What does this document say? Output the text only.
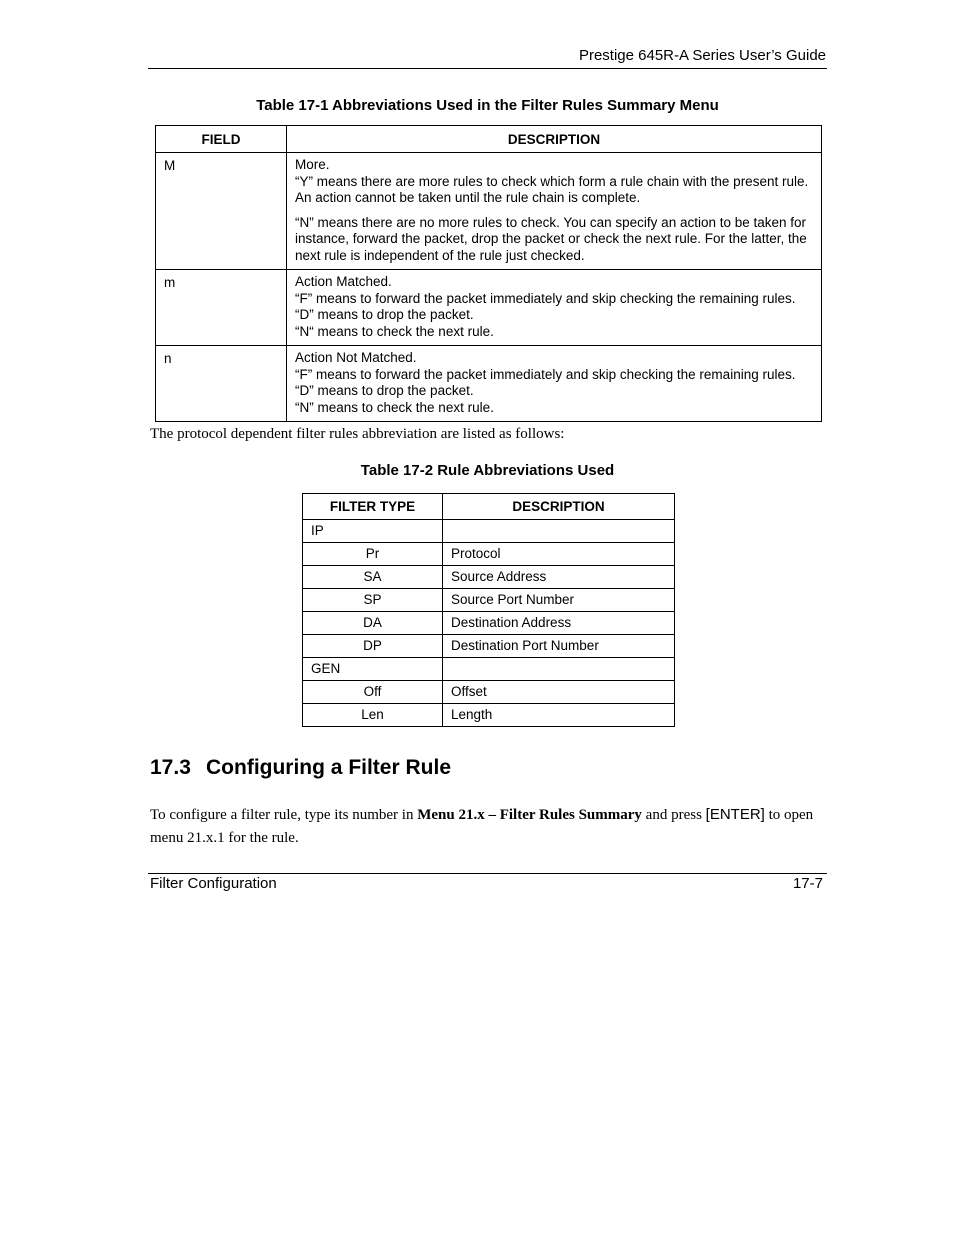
Prestige 645R-A Series User’s Guide
Table 17-1 Abbreviations Used in the Filter Rules Summary Menu
FIELD	DESCRIPTION
M	More.
“Y” means there are more rules to check which form a rule chain with the present rule. An action cannot be taken until the rule chain is complete.

“N” means there are no more rules to check. You can specify an action to be taken for instance, forward the packet, drop the packet or check the next rule. For the latter, the next rule is independent of the rule just checked.

m	Action Matched.
“F” means to forward the packet immediately and skip checking the remaining rules.
“D” means to drop the packet.
“N“ means to check the next rule.
n	Action Not Matched.
“F” means to forward the packet immediately and skip checking the remaining rules.
“D” means to drop the packet.
“N” means to check the next rule.
The protocol dependent filter rules abbreviation are listed as follows:
Table 17-2 Rule Abbreviations Used
FILTER TYPE	DESCRIPTION
IP	
Pr	Protocol
SA	Source Address
SP	Source Port Number
DA	Destination Address
DP	Destination Port Number
GEN	
Off	Offset
Len	Length
17.3 Configuring a Filter Rule
To configure a filter rule, type its number in Menu 21.x – Filter Rules Summary and press [ENTER] to open menu 21.x.1 for the rule.
Filter Configuration	17-7
